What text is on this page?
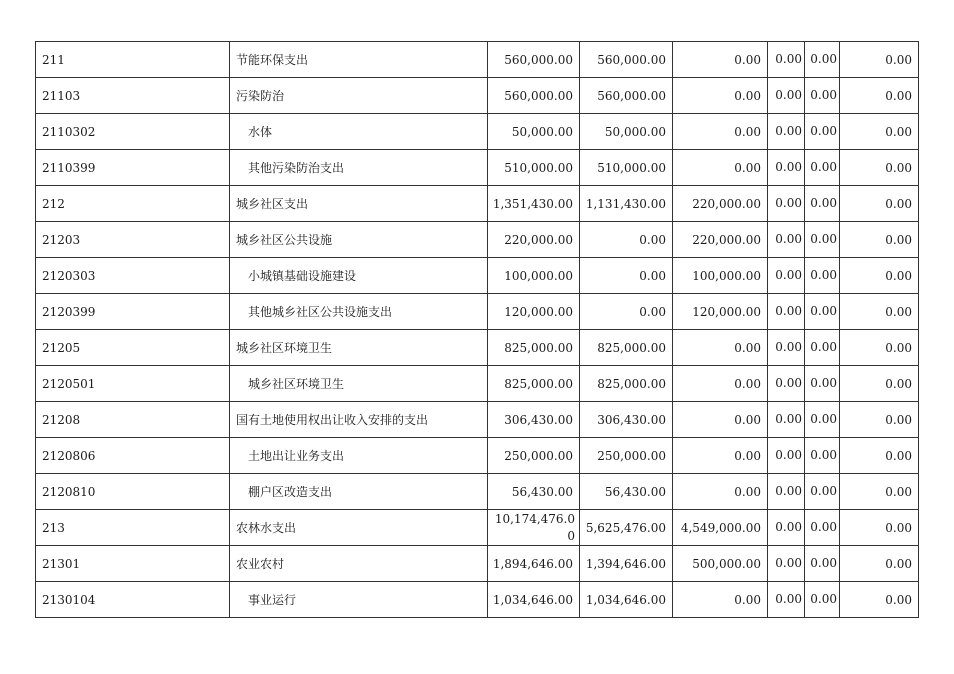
211	节能环保支出	560,000.00	560,000.00	0.00	0.00	0.00	0.00
21103	污染防治	560,000.00	560,000.00	0.00	0.00	0.00	0.00
2110302	水体	50,000.00	50,000.00	0.00	0.00	0.00	0.00
2110399	其他污染防治支出	510,000.00	510,000.00	0.00	0.00	0.00	0.00
212	城乡社区支出	1,351,430.00	1,131,430.00	220,000.00	0.00	0.00	0.00
21203	城乡社区公共设施	220,000.00	0.00	220,000.00	0.00	0.00	0.00
2120303	小城镇基础设施建设	100,000.00	0.00	100,000.00	0.00	0.00	0.00
2120399	其他城乡社区公共设施支出	120,000.00	0.00	120,000.00	0.00	0.00	0.00
21205	城乡社区环境卫生	825,000.00	825,000.00	0.00	0.00	0.00	0.00
2120501	城乡社区环境卫生	825,000.00	825,000.00	0.00	0.00	0.00	0.00
21208	国有土地使用权出让收入安排的支出	306,430.00	306,430.00	0.00	0.00	0.00	0.00
2120806	土地出让业务支出	250,000.00	250,000.00	0.00	0.00	0.00	0.00
2120810	棚户区改造支出	56,430.00	56,430.00	0.00	0.00	0.00	0.00
213	农林水支出	10,174,476.00	5,625,476.00	4,549,000.00	0.00	0.00	0.00
21301	农业农村	1,894,646.00	1,394,646.00	500,000.00	0.00	0.00	0.00
2130104	事业运行	1,034,646.00	1,034,646.00	0.00	0.00	0.00	0.00
